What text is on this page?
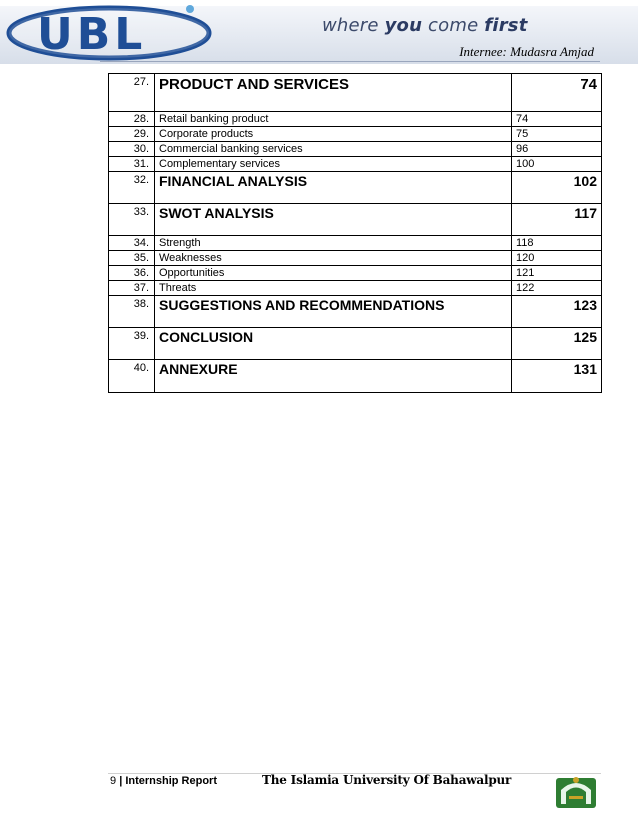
UBL	where you come first
Internee: Mudasra Amjad
27.	PRODUCT AND SERVICES	74
28.	Retail banking product	74
29.	Corporate products	75
30.	Commercial banking services	96
31.	Complementary services	100
32.	FINANCIAL ANALYSIS	102
33.	SWOT ANALYSIS	117
34.	Strength	118
35.	Weaknesses	120
36.	Opportunities	121
37.	Threats	122
38.	SUGGESTIONS AND RECOMMENDATIONS	123
39.	CONCLUSION	125
40.	ANNEXURE	131
9 | Internship Report	The Islamia University Of Bahawalpur
